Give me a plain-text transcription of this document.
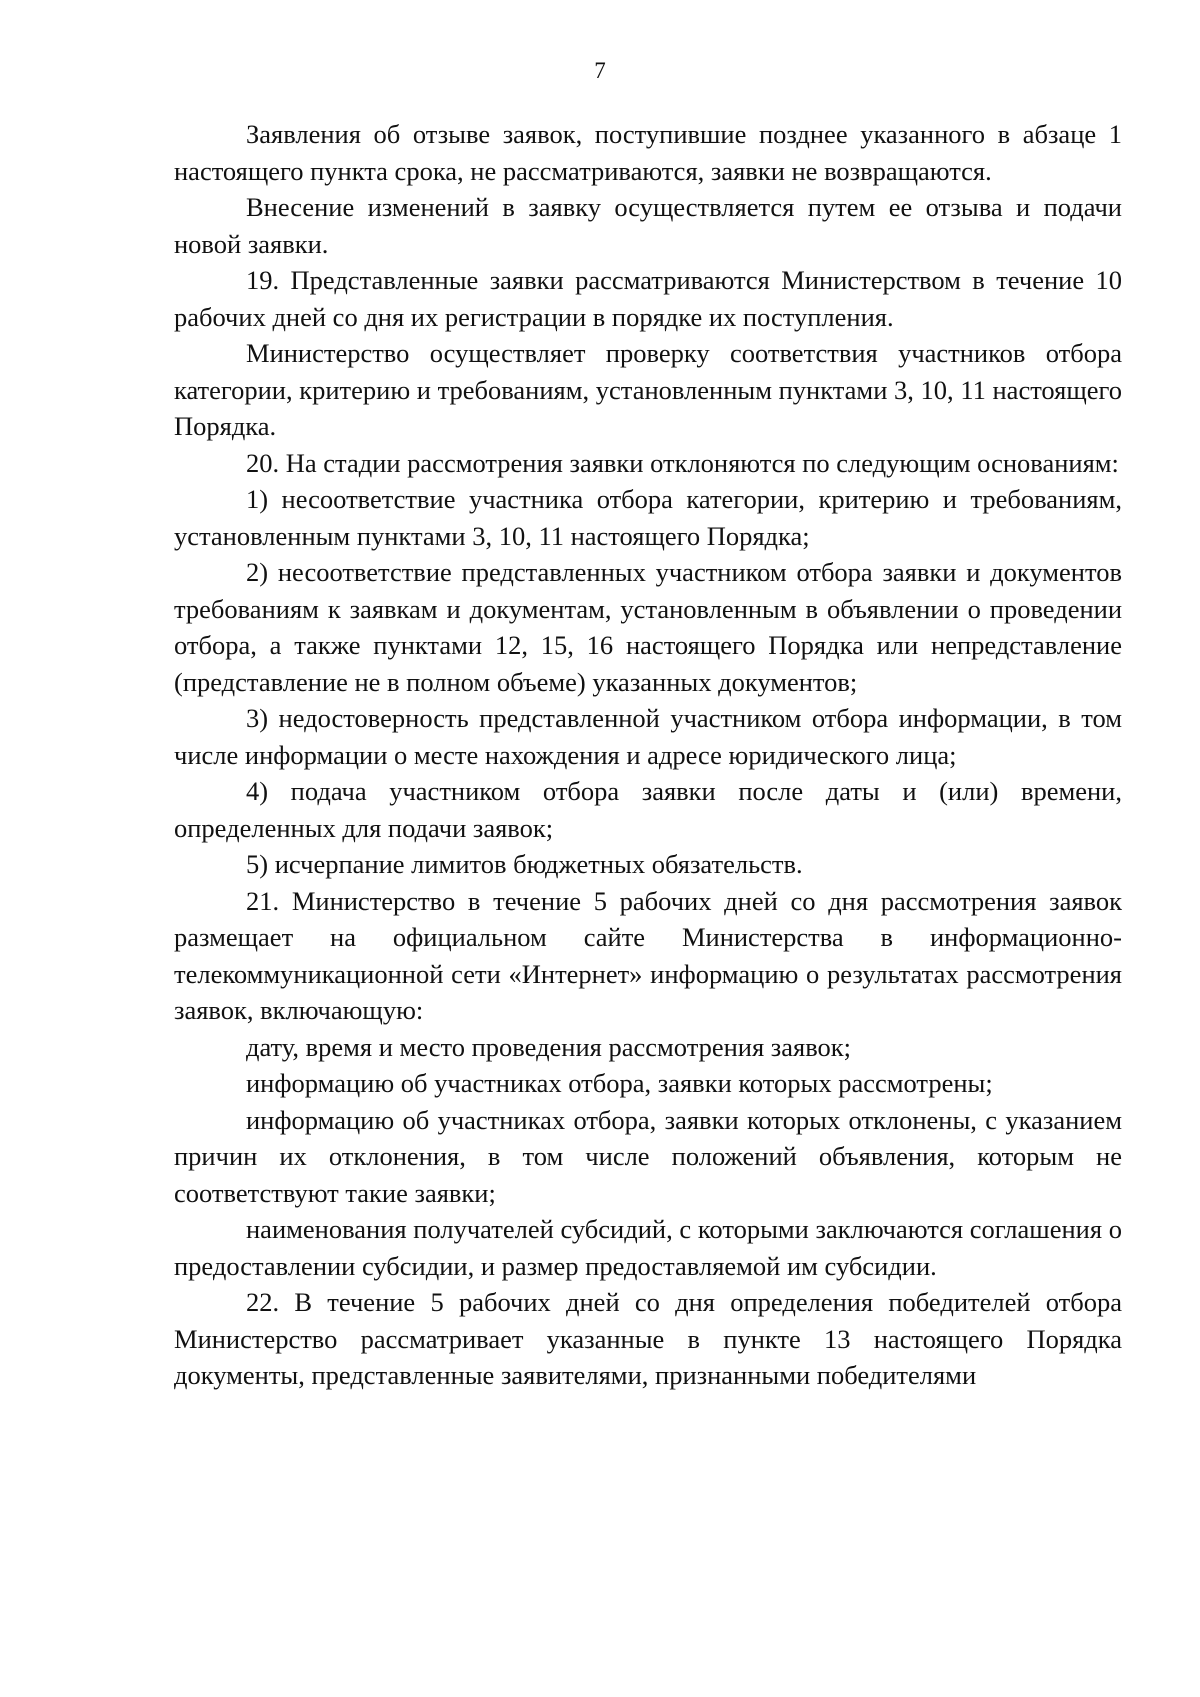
7

Заявления об отзыве заявок, поступившие позднее указанного в абзаце 1 настоящего пункта срока, не рассматриваются, заявки не возвращаются.

Внесение изменений в заявку осуществляется путем ее отзыва и подачи новой заявки.

19. Представленные заявки рассматриваются Министерством в течение 10 рабочих дней со дня их регистрации в порядке их поступления.

Министерство осуществляет проверку соответствия участников отбора категории, критерию и требованиям, установленным пунктами 3, 10, 11 настоящего Порядка.

20. На стадии рассмотрения заявки отклоняются по следующим основаниям:

1) несоответствие участника отбора категории, критерию и требованиям, установленным пунктами 3, 10, 11 настоящего Порядка;

2) несоответствие представленных участником отбора заявки и документов требованиям к заявкам и документам, установленным в объявлении о проведении отбора, а также пунктами 12, 15, 16 настоящего Порядка или непредставление (представление не в полном объеме) указанных документов;

3) недостоверность представленной участником отбора информации, в том числе информации о месте нахождения и адресе юридического лица;

4) подача участником отбора заявки после даты и (или) времени, определенных для подачи заявок;

5) исчерпание лимитов бюджетных обязательств.

21. Министерство в течение 5 рабочих дней со дня рассмотрения заявок размещает на официальном сайте Министерства в информационно-телекоммуникационной сети «Интернет» информацию о результатах рассмотрения заявок, включающую:

дату, время и место проведения рассмотрения заявок;

информацию об участниках отбора, заявки которых рассмотрены;

информацию об участниках отбора, заявки которых отклонены, с указанием причин их отклонения, в том числе положений объявления, которым не соответствуют такие заявки;

наименования получателей субсидий, с которыми заключаются соглашения о предоставлении субсидии, и размер предоставляемой им субсидии.

22. В течение 5 рабочих дней со дня определения победителей отбора Министерство рассматривает указанные в пункте 13 настоящего Порядка документы, представленные заявителями, признанными победителями
